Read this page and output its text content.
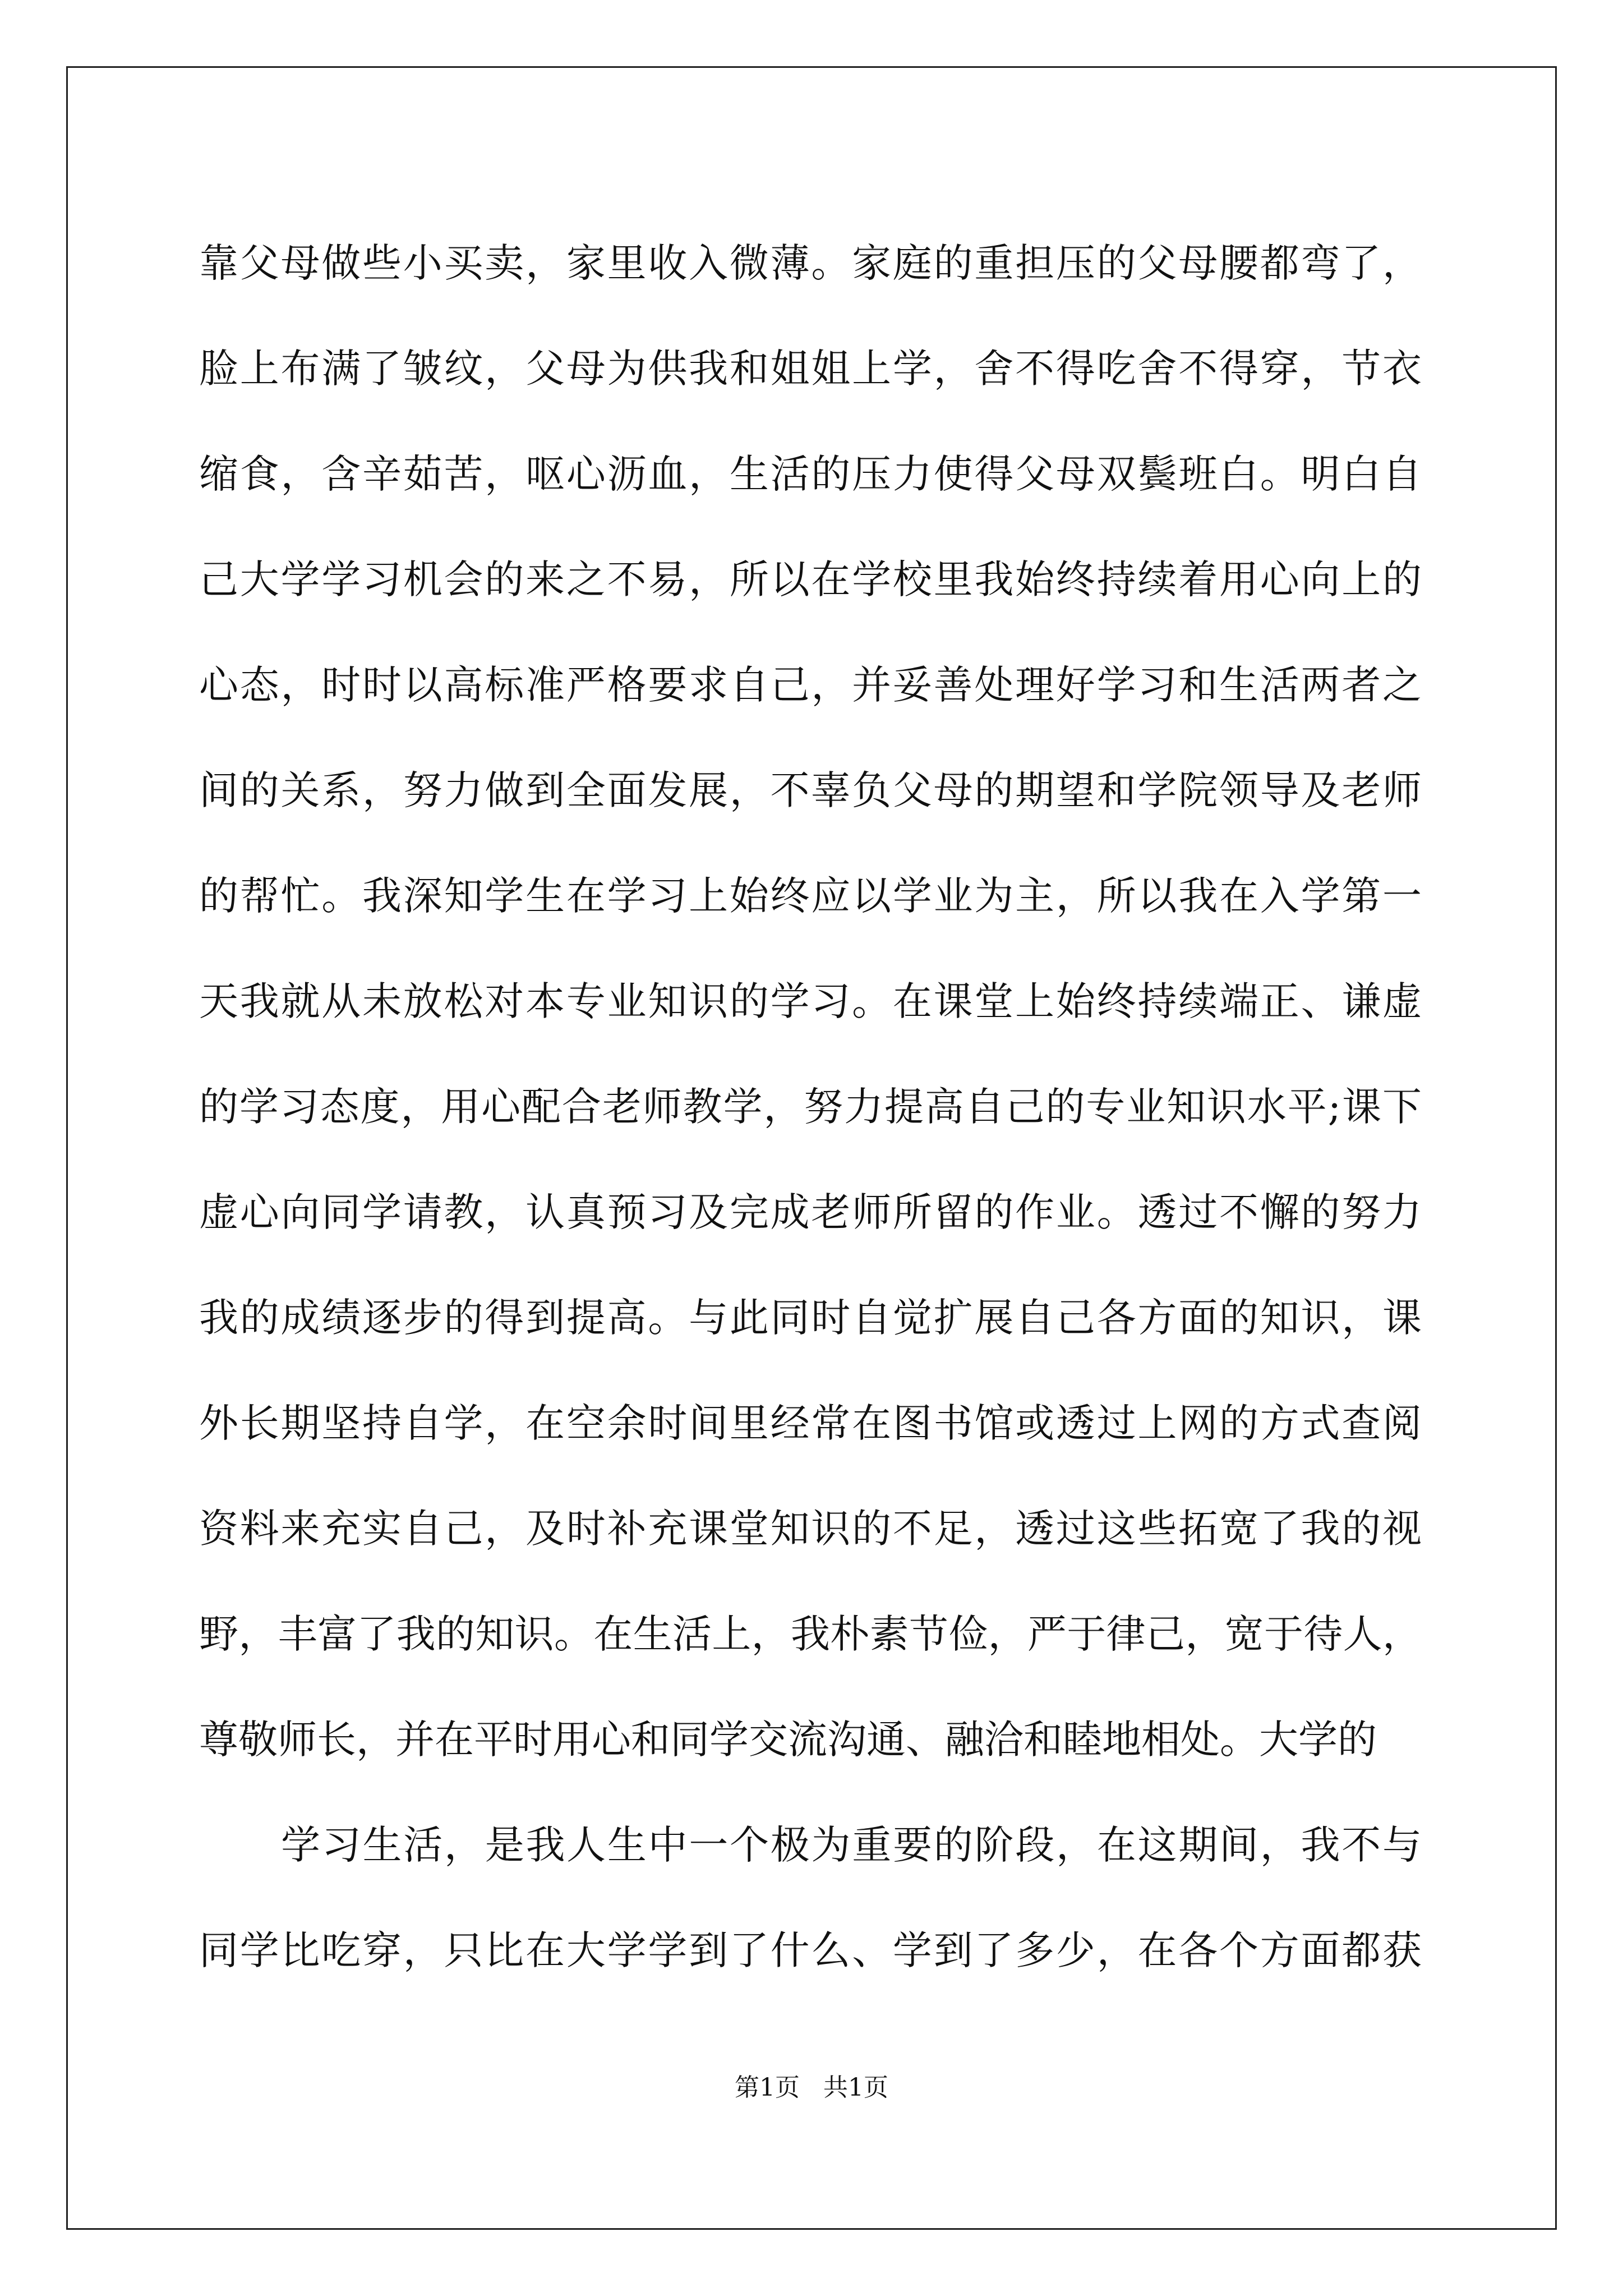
靠父母做些小买卖，家里收入微薄。家庭的重担压的父母腰都弯了，
脸上布满了皱纹，父母为供我和姐姐上学，舍不得吃舍不得穿，节衣
缩食，含辛茹苦，呕心沥血，生活的压力使得父母双鬓班白。明白自
己大学学习机会的来之不易，所以在学校里我始终持续着用心向上的
心态，时时以高标准严格要求自己，并妥善处理好学习和生活两者之
间的关系，努力做到全面发展，不辜负父母的期望和学院领导及老师
的帮忙。我深知学生在学习上始终应以学业为主，所以我在入学第一
天我就从未放松对本专业知识的学习。在课堂上始终持续端正、谦虚
的学习态度，用心配合老师教学，努力提高自己的专业知识水平;课下
虚心向同学请教，认真预习及完成老师所留的作业。透过不懈的努力
我的成绩逐步的得到提高。与此同时自觉扩展自己各方面的知识，课
外长期坚持自学，在空余时间里经常在图书馆或透过上网的方式查阅
资料来充实自己，及时补充课堂知识的不足，透过这些拓宽了我的视
野，丰富了我的知识。在生活上，我朴素节俭，严于律己，宽于待人，
尊敬师长，并在平时用心和同学交流沟通、融洽和睦地相处。大学的
学习生活，是我人生中一个极为重要的阶段，在这期间，我不与
同学比吃穿，只比在大学学到了什么、学到了多少，在各个方面都获
第1页   共1页
